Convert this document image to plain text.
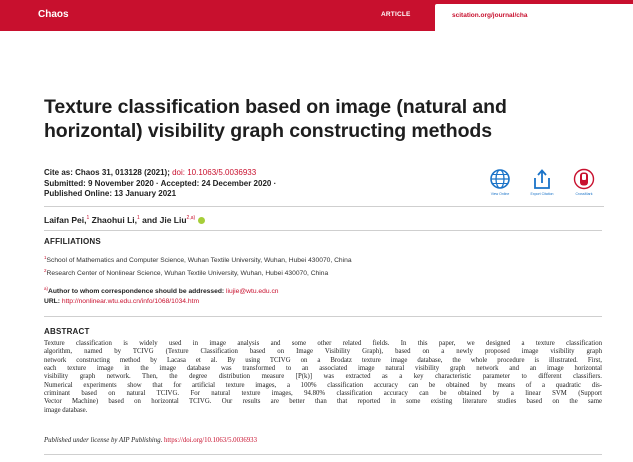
Chaos	ARTICLE	scitation.org/journal/cha
Texture classification based on image (natural and horizontal) visibility graph constructing methods
Cite as: Chaos 31, 013128 (2021); doi: 10.1063/5.0036933
Submitted: 9 November 2020 · Accepted: 24 December 2020 ·
Published Online: 13 January 2021	View Online	Export Citation	CrossMark
Laifan Pei,$^1$ Zhaohui Li,$^1$ and Jie Liu$^{2,a)}$
AFFILIATIONS
$^1$School of Mathematics and Computer Science, Wuhan Textile University, Wuhan, Hubei 430070, China
$^2$Research Center of Nonlinear Science, Wuhan Textile University, Wuhan, Hubei 430070, China
$^{a)}$Author to whom correspondence should be addressed: liujie@wtu.edu.cn
URL: http://nonlinear.wtu.edu.cn/info/1068/1034.htm
ABSTRACT
Texture classification is widely used in image analysis and some other related fields. In this paper, we designed a texture classification
algorithm, named by TCIVG (Texture Classification based on Image Visibility Graph), based on a newly proposed image visibility graph
network constructing method by Lacasa et al. By using TCIVG on a Brodatz texture image database, the whole procedure is illustrated. First,
each texture image in the image database was transformed to an associated image natural visibility graph network and an image horizontal
visibility graph network. Then, the degree distribution measure [P(k)] was extracted as a key characteristic parameter to different classifiers.
Numerical experiments show that for artificial texture images, a 100% classification accuracy can be obtained by means of a quadratic dis-
criminant based on natural TCIVG. For natural texture images, 94.80% classification accuracy can be obtained by a linear SVM (Support
Vector Machine) based on horizontal TCIVG. Our results are better than that reported in some existing literature studies based on the same
image database.
Published under license by AIP Publishing. https://doi.org/10.1063/5.0036933
